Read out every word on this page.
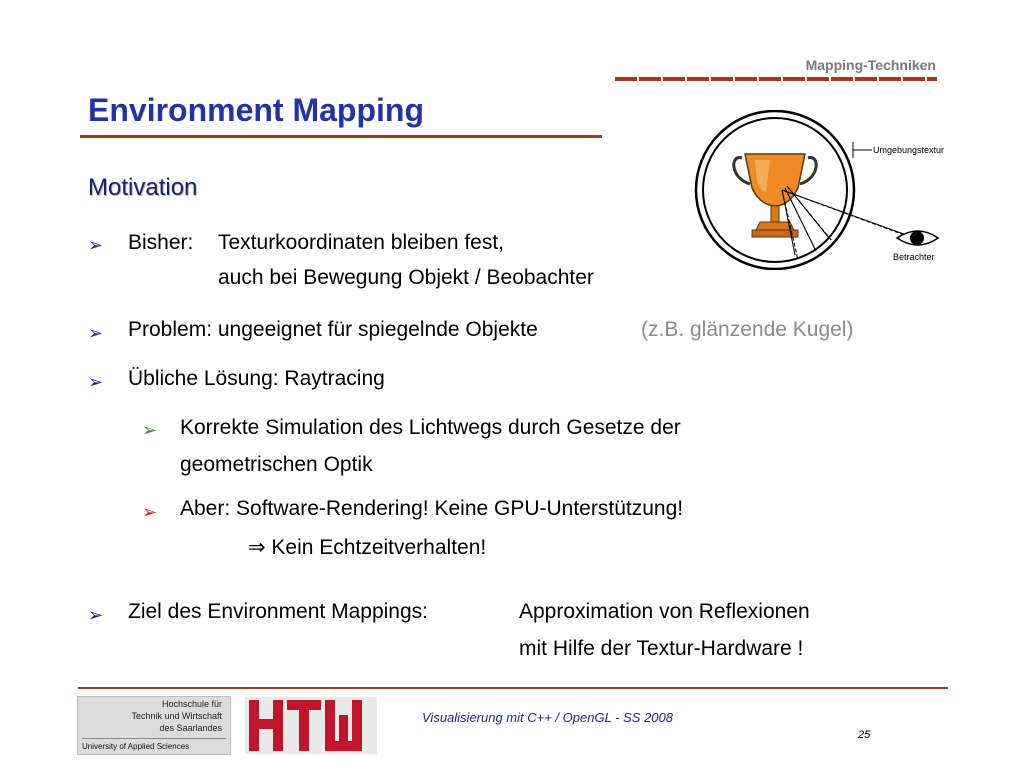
Mapping-Techniken
Environment Mapping
Motivation
➢	Bisher: Texturkoordinaten bleiben fest,
auch bei Bewegung Objekt / Beobachter
➢	Problem: ungeeignet für spiegelnde Objekte	(z.B. glänzende Kugel)
➢	Übliche Lösung: Raytracing
➢	Korrekte Simulation des Lichtwegs durch Gesetze der
geometrischen Optik
➢	Aber: Software-Rendering! Keine GPU-Unterstützung!
⇒ Kein Echtzeitverhalten!
➢	Ziel des Environment Mappings:	Approximation von Reflexionen
mit Hilfe der Textur-Hardware !
Umgebungstextur
Betrachter
Hochschule für
Technik und Wirtschaft
des Saarlandes
University of Applied Sciences
Visualisierung mit C++ / OpenGL - SS 2008
25
